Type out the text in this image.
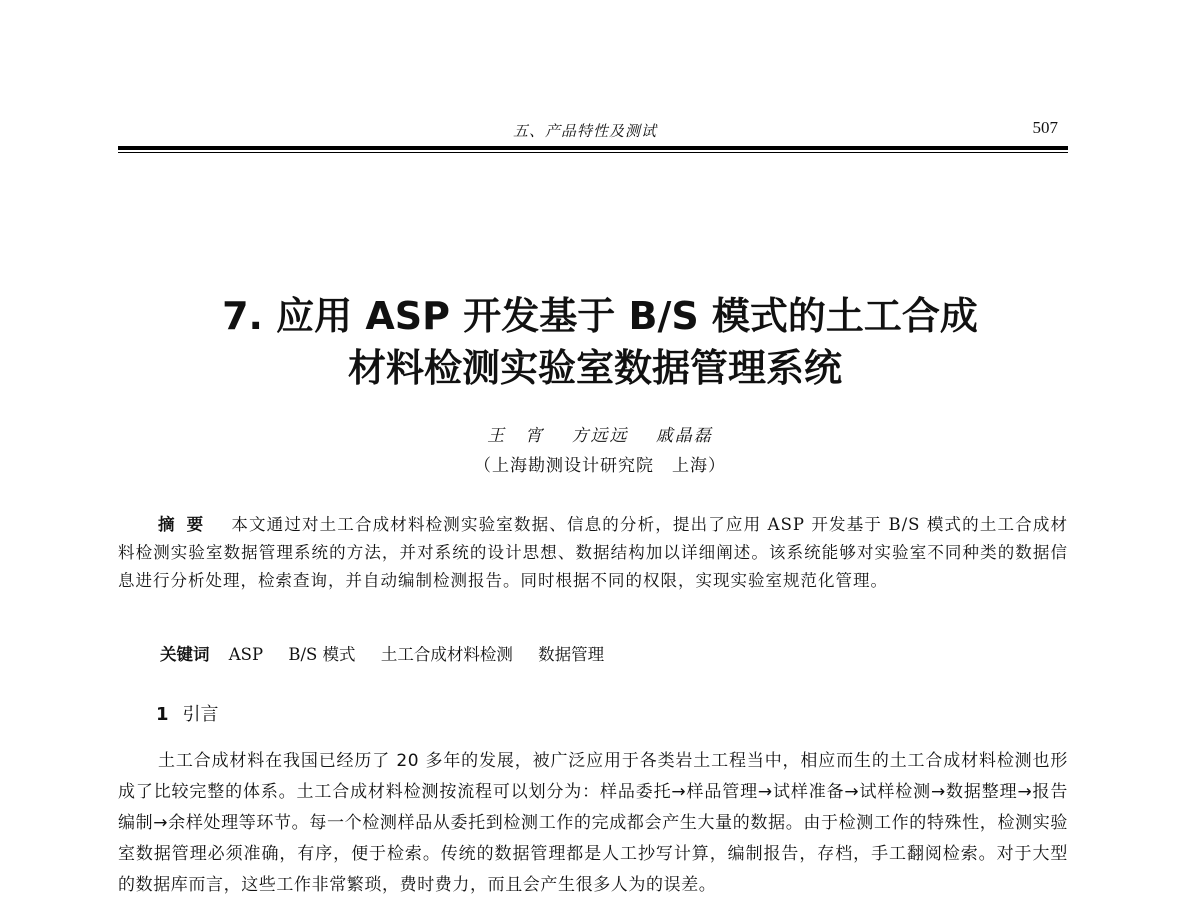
五、产品特性及测试	507
7. 应用 ASP 开发基于 B/S 模式的土工合成
材料检测实验室数据管理系统
王　宵 方远远 戚晶磊
（上海勘测设计研究院　上海）
摘要 本文通过对土工合成材料检测实验室数据、信息的分析，提出了应用 ASP 开发基于 B/S 模式的土工合成材料检测实验室数据管理系统的方法，并对系统的设计思想、数据结构加以详细阐述。该系统能够对实验室不同种类的数据信息进行分析处理，检索查询，并自动编制检测报告。同时根据不同的权限，实现实验室规范化管理。
关键词 ASP B/S 模式 土工合成材料检测 数据管理
1 引言
土工合成材料在我国已经历了 20 多年的发展，被广泛应用于各类岩土工程当中，相应而生的土工合成材料检测也形成了比较完整的体系。土工合成材料检测按流程可以划分为：样品委托→样品管理→试样准备→试样检测→数据整理→报告编制→余样处理等环节。每一个检测样品从委托到检测工作的完成都会产生大量的数据。由于检测工作的特殊性，检测实验室数据管理必须准确，有序，便于检索。传统的数据管理都是人工抄写计算，编制报告，存档，手工翻阅检索。对于大型的数据库而言，这些工作非常繁琐，费时费力，而且会产生很多人为的误差。
